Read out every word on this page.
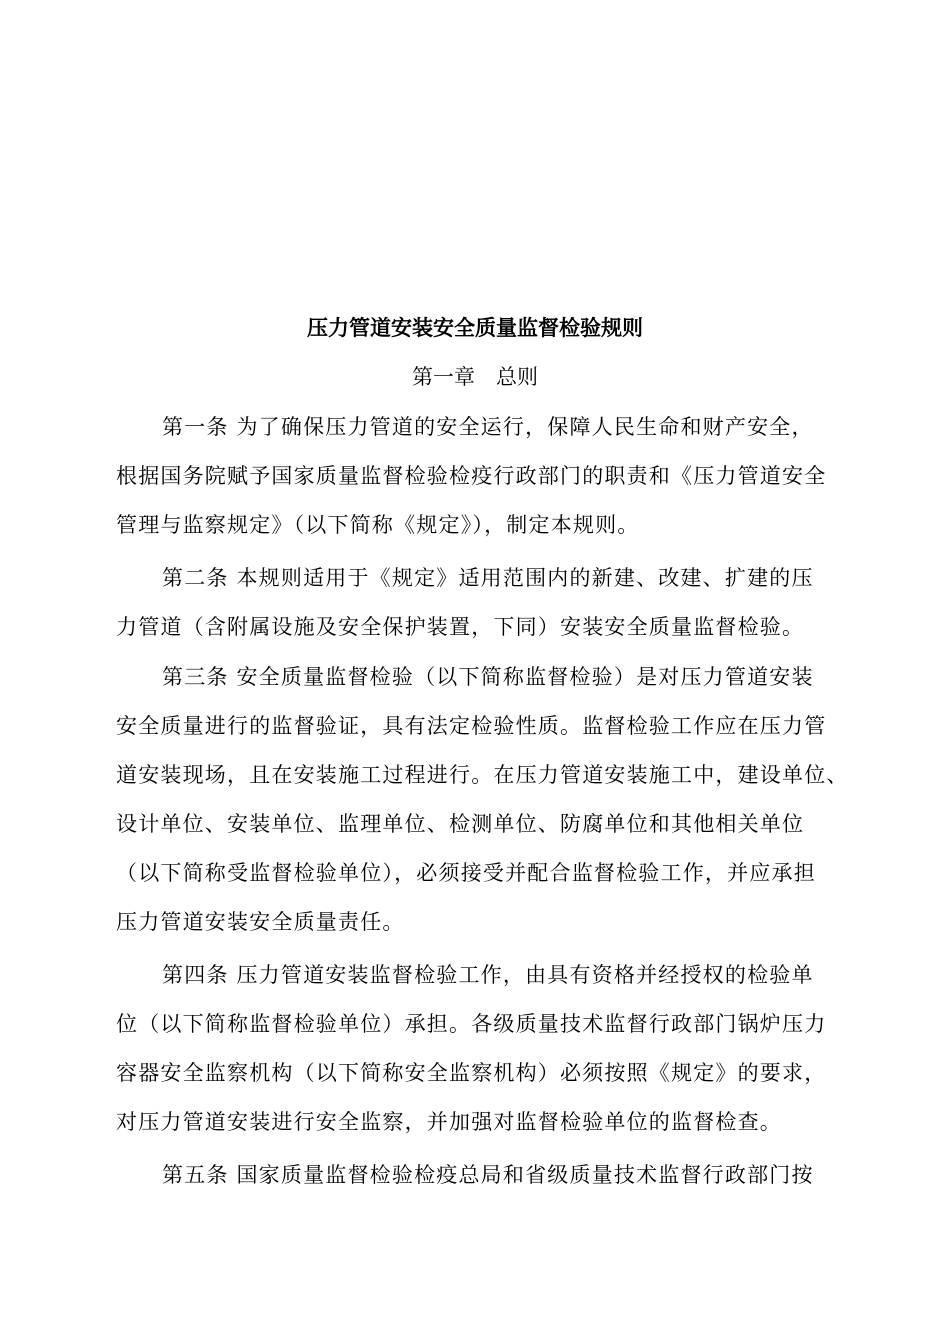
压力管道安装安全质量监督检验规则
第一章　总则
第一条 为了确保压力管道的安全运行，保障人民生命和财产安全，
根据国务院赋予国家质量监督检验检疫行政部门的职责和《压力管道安全
管理与监察规定》（以下简称《规定》），制定本规则。
第二条 本规则适用于《规定》适用范围内的新建、改建、扩建的压
力管道（含附属设施及安全保护装置，下同）安装安全质量监督检验。
第三条 安全质量监督检验（以下简称监督检验）是对压力管道安装
安全质量进行的监督验证，具有法定检验性质。监督检验工作应在压力管
道安装现场，且在安装施工过程进行。在压力管道安装施工中，建设单位、
设计单位、安装单位、监理单位、检测单位、防腐单位和其他相关单位
（以下简称受监督检验单位），必须接受并配合监督检验工作，并应承担
压力管道安装安全质量责任。
第四条 压力管道安装监督检验工作，由具有资格并经授权的检验单
位（以下简称监督检验单位）承担。各级质量技术监督行政部门锅炉压力
容器安全监察机构（以下简称安全监察机构）必须按照《规定》的要求，
对压力管道安装进行安全监察，并加强对监督检验单位的监督检查。
第五条 国家质量监督检验检疫总局和省级质量技术监督行政部门按
